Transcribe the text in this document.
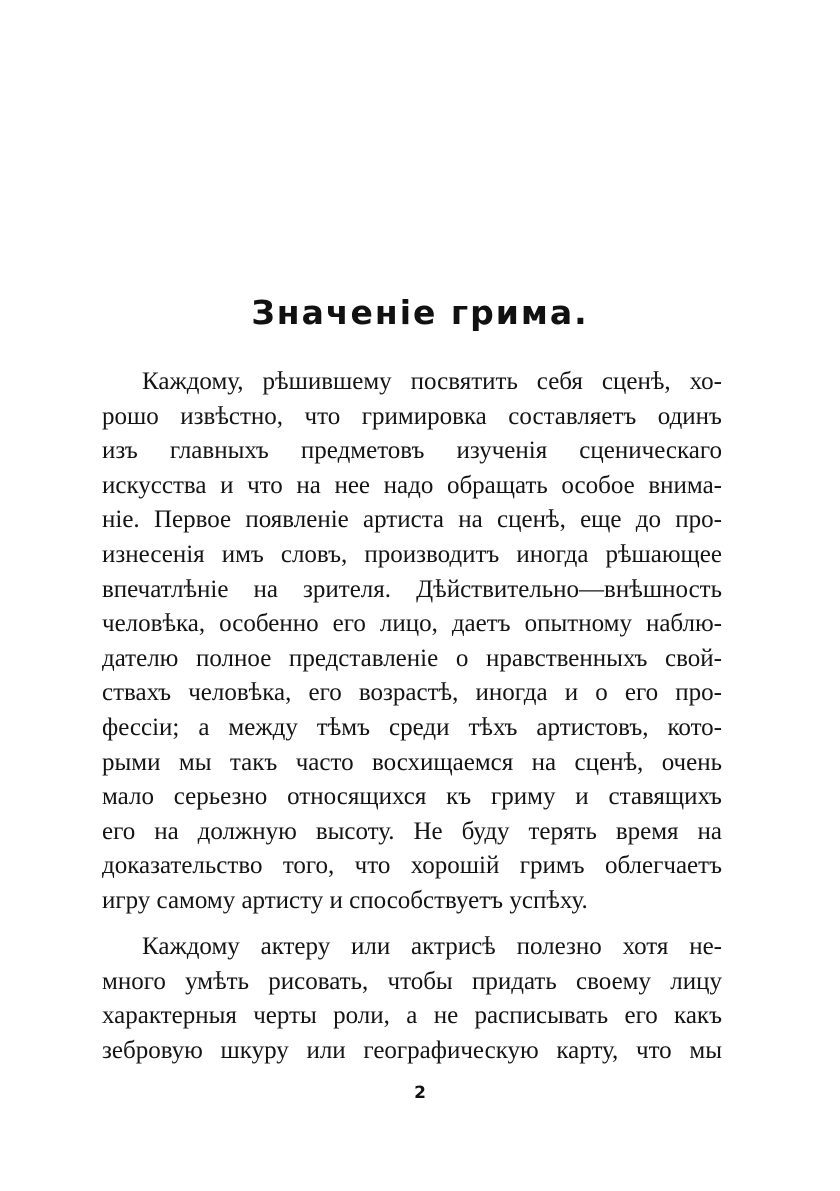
Значенiе грима.
Каждому, рѣшившему посвятить себя сценѣ, хо-
рошо извѣстно, что гримировка составляетъ одинъ
изъ главныхъ предметовъ изученiя сценическаго
искусства и что на нее надо обращать особое внима-
нiе. Первое появленiе артиста на сценѣ, еще до про-
изнесенiя имъ словъ, производитъ иногда рѣшающее
впечатлѣнiе на зрителя. Дѣйствительно—внѣшность
человѣка, особенно его лицо, даетъ опытному наблю-
дателю полное представленiе о нравственныхъ свой-
ствахъ человѣка, его возрастѣ, иногда и о его про-
фессiи; а между тѣмъ среди тѣхъ артистовъ, кото-
рыми мы такъ часто восхищаемся на сценѣ, очень
мало серьезно относящихся къ гриму и ставящихъ
его на должную высоту. Не буду терять время на
доказательство того, что хорошiй гримъ облегчаетъ
игру самому артисту и способствуетъ успѣху.
Каждому актеру или актрисѣ полезно хотя не-
много умѣть рисовать, чтобы придать своему лицу
характерныя черты роли, а не расписывать его какъ
зебровую шкуру или географическую карту, что мы
2
